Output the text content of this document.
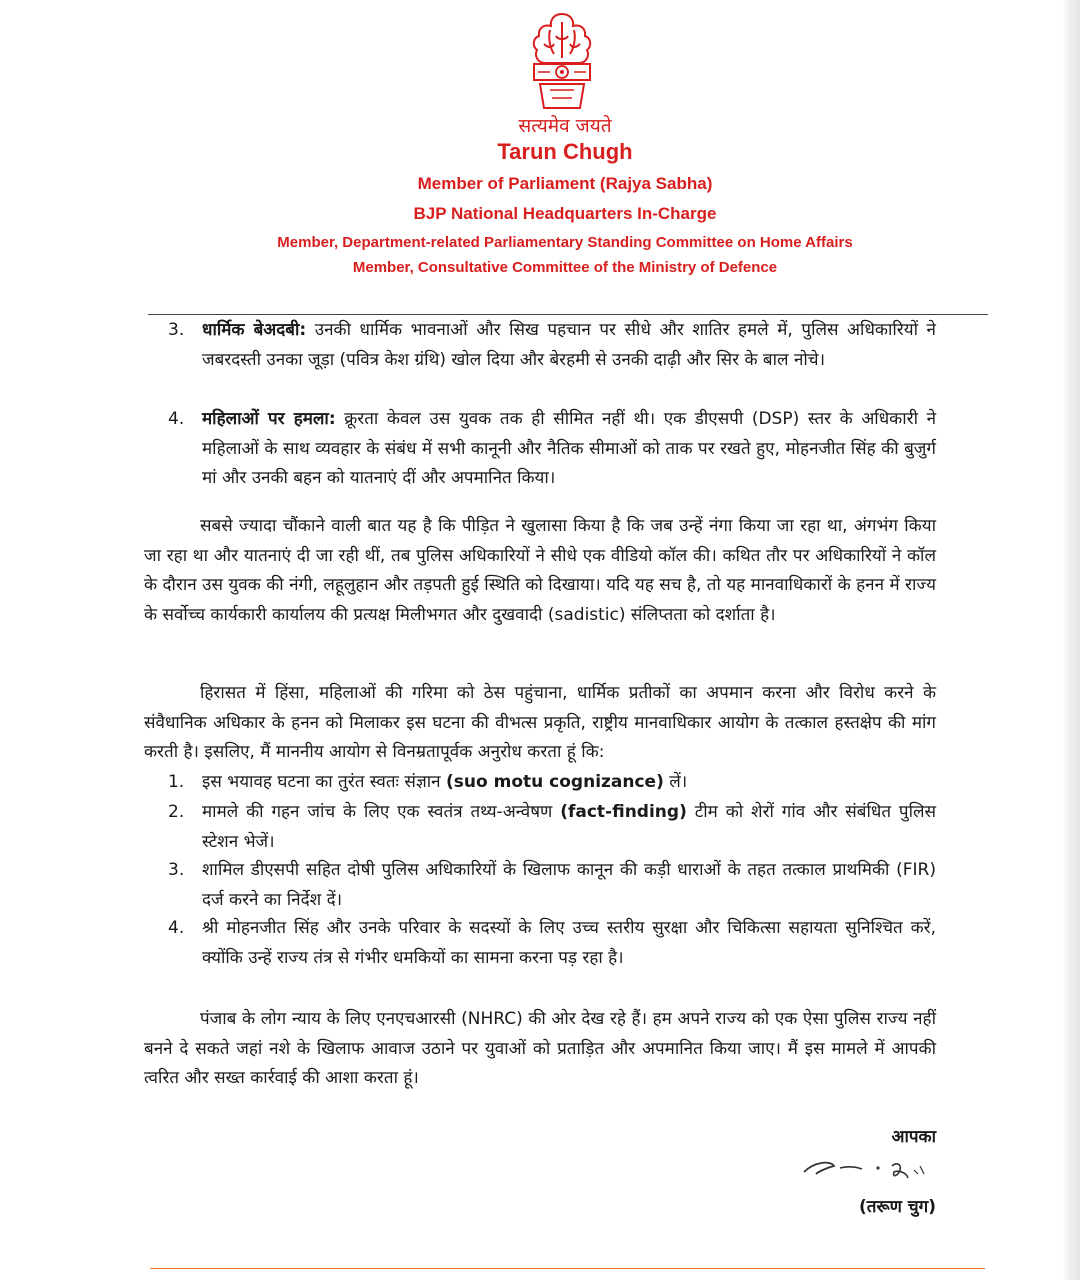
सत्यमेव जयते
Tarun Chugh
Member of Parliament (Rajya Sabha)
BJP National Headquarters In-Charge
Member, Department-related Parliamentary Standing Committee on Home Affairs
Member, Consultative Committee of the Ministry of Defence
3.	धार्मिक बेअदबी: उनकी धार्मिक भावनाओं और सिख पहचान पर सीधे और शातिर हमले में, पुलिस अधिकारियों ने जबरदस्ती उनका जूड़ा (पवित्र केश ग्रंथि) खोल दिया और बेरहमी से उनकी दाढ़ी और सिर के बाल नोचे।
4.	महिलाओं पर हमला: क्रूरता केवल उस युवक तक ही सीमित नहीं थी। एक डीएसपी (DSP) स्तर के अधिकारी ने महिलाओं के साथ व्यवहार के संबंध में सभी कानूनी और नैतिक सीमाओं को ताक पर रखते हुए, मोहनजीत सिंह की बुजुर्ग मां और उनकी बहन को यातनाएं दीं और अपमानित किया।
सबसे ज्यादा चौंकाने वाली बात यह है कि पीड़ित ने खुलासा किया है कि जब उन्हें नंगा किया जा रहा था, अंगभंग किया जा रहा था और यातनाएं दी जा रही थीं, तब पुलिस अधिकारियों ने सीधे एक वीडियो कॉल की। कथित तौर पर अधिकारियों ने कॉल के दौरान उस युवक की नंगी, लहूलुहान और तड़पती हुई स्थिति को दिखाया। यदि यह सच है, तो यह मानवाधिकारों के हनन में राज्य के सर्वोच्च कार्यकारी कार्यालय की प्रत्यक्ष मिलीभगत और दुखवादी (sadistic) संलिप्तता को दर्शाता है।
हिरासत में हिंसा, महिलाओं की गरिमा को ठेस पहुंचाना, धार्मिक प्रतीकों का अपमान करना और विरोध करने के संवैधानिक अधिकार के हनन को मिलाकर इस घटना की वीभत्स प्रकृति, राष्ट्रीय मानवाधिकार आयोग के तत्काल हस्तक्षेप की मांग करती है। इसलिए, मैं माननीय आयोग से विनम्रतापूर्वक अनुरोध करता हूं कि:
1.	इस भयावह घटना का तुरंत स्वतः संज्ञान (suo motu cognizance) लें।
2.	मामले की गहन जांच के लिए एक स्वतंत्र तथ्य-अन्वेषण (fact-finding) टीम को शेरों गांव और संबंधित पुलिस स्टेशन भेजें।
3.	शामिल डीएसपी सहित दोषी पुलिस अधिकारियों के खिलाफ कानून की कड़ी धाराओं के तहत तत्काल प्राथमिकी (FIR) दर्ज करने का निर्देश दें।
4.	श्री मोहनजीत सिंह और उनके परिवार के सदस्यों के लिए उच्च स्तरीय सुरक्षा और चिकित्सा सहायता सुनिश्चित करें, क्योंकि उन्हें राज्य तंत्र से गंभीर धमकियों का सामना करना पड़ रहा है।
पंजाब के लोग न्याय के लिए एनएचआरसी (NHRC) की ओर देख रहे हैं। हम अपने राज्य को एक ऐसा पुलिस राज्य नहीं बनने दे सकते जहां नशे के खिलाफ आवाज उठाने पर युवाओं को प्रताड़ित और अपमानित किया जाए। मैं इस मामले में आपकी त्वरित और सख्त कार्रवाई की आशा करता हूं।
आपका
(तरूण चुग)
